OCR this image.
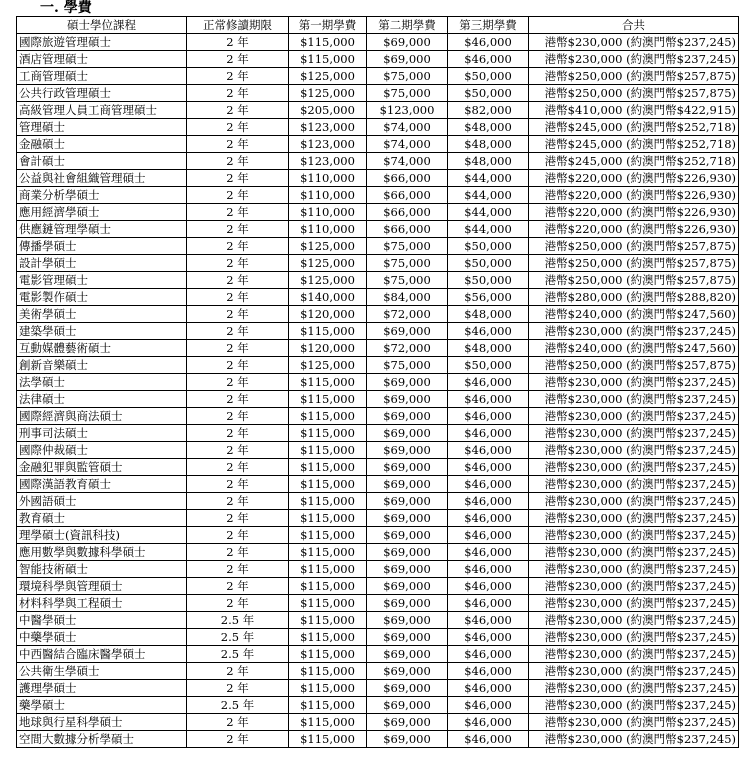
一. 學費
碩士學位課程	正常修讀期限	第一期學費	第二期學費	第三期學費	合共
國際旅遊管理碩士	2 年	$115,000	$69,000	$46,000	港幣$230,000 (約澳門幣$237,245)
酒店管理碩士	2 年	$115,000	$69,000	$46,000	港幣$230,000 (約澳門幣$237,245)
工商管理碩士	2 年	$125,000	$75,000	$50,000	港幣$250,000 (約澳門幣$257,875)
公共行政管理碩士	2 年	$125,000	$75,000	$50,000	港幣$250,000 (約澳門幣$257,875)
高級管理人員工商管理碩士	2 年	$205,000	$123,000	$82,000	港幣$410,000 (約澳門幣$422,915)
管理碩士	2 年	$123,000	$74,000	$48,000	港幣$245,000 (約澳門幣$252,718)
金融碩士	2 年	$123,000	$74,000	$48,000	港幣$245,000 (約澳門幣$252,718)
會計碩士	2 年	$123,000	$74,000	$48,000	港幣$245,000 (約澳門幣$252,718)
公益與社會組織管理碩士	2 年	$110,000	$66,000	$44,000	港幣$220,000 (約澳門幣$226,930)
商業分析學碩士	2 年	$110,000	$66,000	$44,000	港幣$220,000 (約澳門幣$226,930)
應用經濟學碩士	2 年	$110,000	$66,000	$44,000	港幣$220,000 (約澳門幣$226,930)
供應鏈管理學碩士	2 年	$110,000	$66,000	$44,000	港幣$220,000 (約澳門幣$226,930)
傳播學碩士	2 年	$125,000	$75,000	$50,000	港幣$250,000 (約澳門幣$257,875)
設計學碩士	2 年	$125,000	$75,000	$50,000	港幣$250,000 (約澳門幣$257,875)
電影管理碩士	2 年	$125,000	$75,000	$50,000	港幣$250,000 (約澳門幣$257,875)
電影製作碩士	2 年	$140,000	$84,000	$56,000	港幣$280,000 (約澳門幣$288,820)
美術學碩士	2 年	$120,000	$72,000	$48,000	港幣$240,000 (約澳門幣$247,560)
建築學碩士	2 年	$115,000	$69,000	$46,000	港幣$230,000 (約澳門幣$237,245)
互動媒體藝術碩士	2 年	$120,000	$72,000	$48,000	港幣$240,000 (約澳門幣$247,560)
創新音樂碩士	2 年	$125,000	$75,000	$50,000	港幣$250,000 (約澳門幣$257,875)
法學碩士	2 年	$115,000	$69,000	$46,000	港幣$230,000 (約澳門幣$237,245)
法律碩士	2 年	$115,000	$69,000	$46,000	港幣$230,000 (約澳門幣$237,245)
國際經濟與商法碩士	2 年	$115,000	$69,000	$46,000	港幣$230,000 (約澳門幣$237,245)
刑事司法碩士	2 年	$115,000	$69,000	$46,000	港幣$230,000 (約澳門幣$237,245)
國際仲裁碩士	2 年	$115,000	$69,000	$46,000	港幣$230,000 (約澳門幣$237,245)
金融犯罪與監管碩士	2 年	$115,000	$69,000	$46,000	港幣$230,000 (約澳門幣$237,245)
國際漢語教育碩士	2 年	$115,000	$69,000	$46,000	港幣$230,000 (約澳門幣$237,245)
外國語碩士	2 年	$115,000	$69,000	$46,000	港幣$230,000 (約澳門幣$237,245)
教育碩士	2 年	$115,000	$69,000	$46,000	港幣$230,000 (約澳門幣$237,245)
理學碩士(資訊科技)	2 年	$115,000	$69,000	$46,000	港幣$230,000 (約澳門幣$237,245)
應用數學與數據科學碩士	2 年	$115,000	$69,000	$46,000	港幣$230,000 (約澳門幣$237,245)
智能技術碩士	2 年	$115,000	$69,000	$46,000	港幣$230,000 (約澳門幣$237,245)
環境科學與管理碩士	2 年	$115,000	$69,000	$46,000	港幣$230,000 (約澳門幣$237,245)
材料科學與工程碩士	2 年	$115,000	$69,000	$46,000	港幣$230,000 (約澳門幣$237,245)
中醫學碩士	2.5 年	$115,000	$69,000	$46,000	港幣$230,000 (約澳門幣$237,245)
中藥學碩士	2.5 年	$115,000	$69,000	$46,000	港幣$230,000 (約澳門幣$237,245)
中西醫結合臨床醫學碩士	2.5 年	$115,000	$69,000	$46,000	港幣$230,000 (約澳門幣$237,245)
公共衛生學碩士	2 年	$115,000	$69,000	$46,000	港幣$230,000 (約澳門幣$237,245)
護理學碩士	2 年	$115,000	$69,000	$46,000	港幣$230,000 (約澳門幣$237,245)
藥學碩士	2.5 年	$115,000	$69,000	$46,000	港幣$230,000 (約澳門幣$237,245)
地球與行星科學碩士	2 年	$115,000	$69,000	$46,000	港幣$230,000 (約澳門幣$237,245)
空間大數據分析學碩士	2 年	$115,000	$69,000	$46,000	港幣$230,000 (約澳門幣$237,245)
